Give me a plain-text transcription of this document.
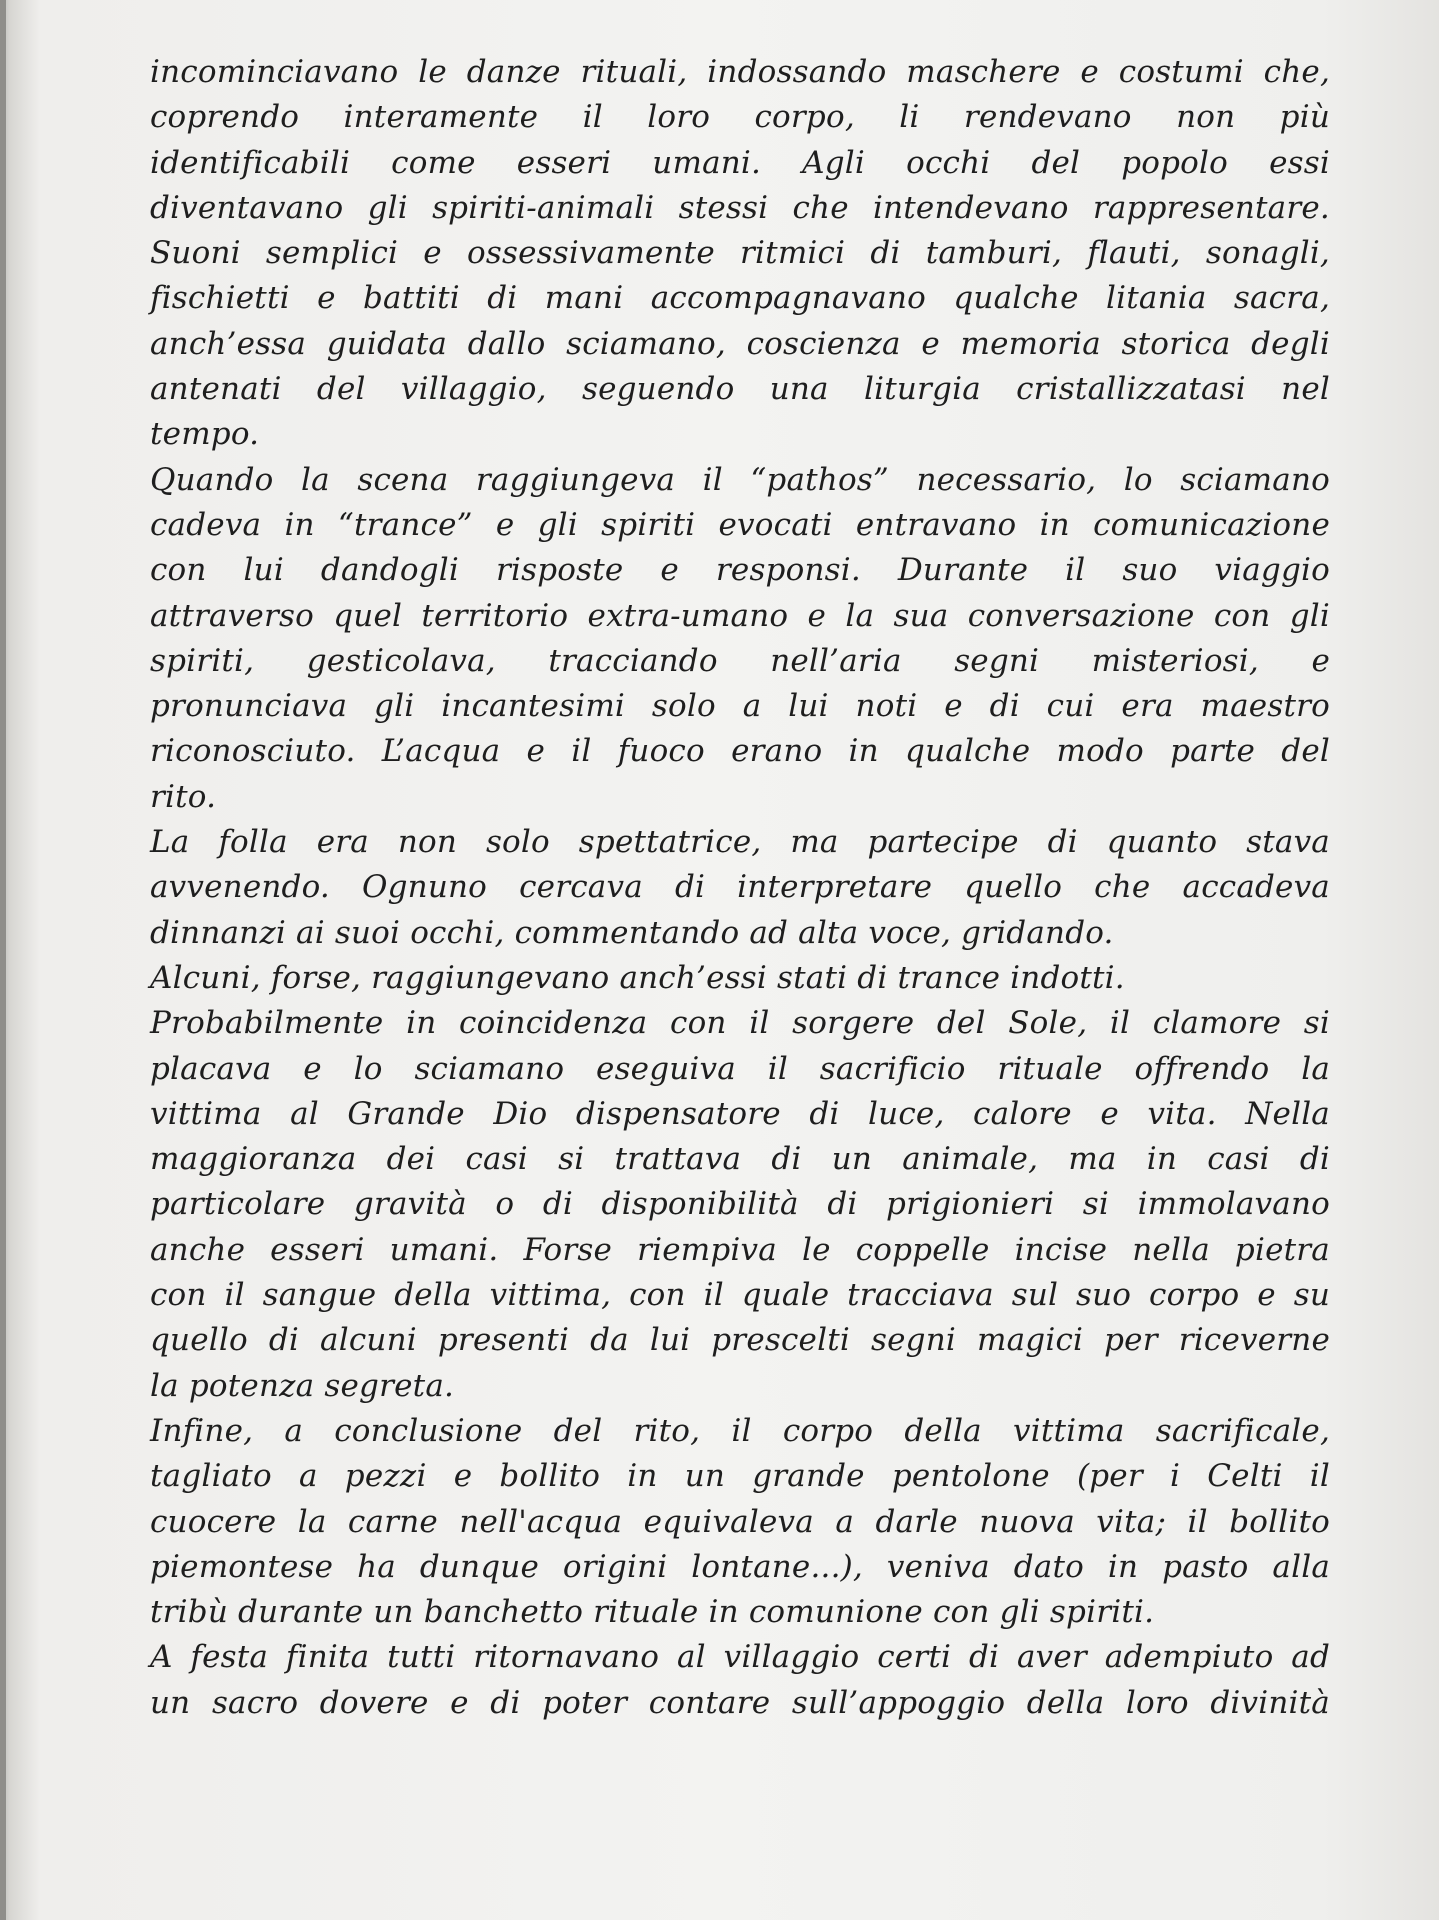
incominciavano le danze rituali, indossando maschere e costumi che,
coprendo interamente il loro corpo, li rendevano non più
identificabili come esseri umani. Agli occhi del popolo essi
diventavano gli spiriti-animali stessi che intendevano rappresentare.
Suoni semplici e ossessivamente ritmici di tamburi, flauti, sonagli,
fischietti e battiti di mani accompagnavano qualche litania sacra,
anch’essa guidata dallo sciamano, coscienza e memoria storica degli
antenati del villaggio, seguendo una liturgia cristallizzatasi nel
tempo.
Quando la scena raggiungeva il “pathos” necessario, lo sciamano
cadeva in “trance” e gli spiriti evocati entravano in comunicazione
con lui dandogli risposte e responsi. Durante il suo viaggio
attraverso quel territorio extra-umano e la sua conversazione con gli
spiriti, gesticolava, tracciando nell’aria segni misteriosi, e
pronunciava gli incantesimi solo a lui noti e di cui era maestro
riconosciuto. L’acqua e il fuoco erano in qualche modo parte del
rito.
La folla era non solo spettatrice, ma partecipe di quanto stava
avvenendo. Ognuno cercava di interpretare quello che accadeva
dinnanzi ai suoi occhi, commentando ad alta voce, gridando.
Alcuni, forse, raggiungevano anch’essi stati di trance indotti.
Probabilmente in coincidenza con il sorgere del Sole, il clamore si
placava e lo sciamano eseguiva il sacrificio rituale offrendo la
vittima al Grande Dio dispensatore di luce, calore e vita. Nella
maggioranza dei casi si trattava di un animale, ma in casi di
particolare gravità o di disponibilità di prigionieri si immolavano
anche esseri umani. Forse riempiva le coppelle incise nella pietra
con il sangue della vittima, con il quale tracciava sul suo corpo e su
quello di alcuni presenti da lui prescelti segni magici per riceverne
la potenza segreta.
Infine, a conclusione del rito, il corpo della vittima sacrificale,
tagliato a pezzi e bollito in un grande pentolone (per i Celti il
cuocere la carne nell'acqua equivaleva a darle nuova vita; il bollito
piemontese ha dunque origini lontane...), veniva dato in pasto alla
tribù durante un banchetto rituale in comunione con gli spiriti.
A festa finita tutti ritornavano al villaggio certi di aver adempiuto ad
un sacro dovere e di poter contare sull’appoggio della loro divinità
